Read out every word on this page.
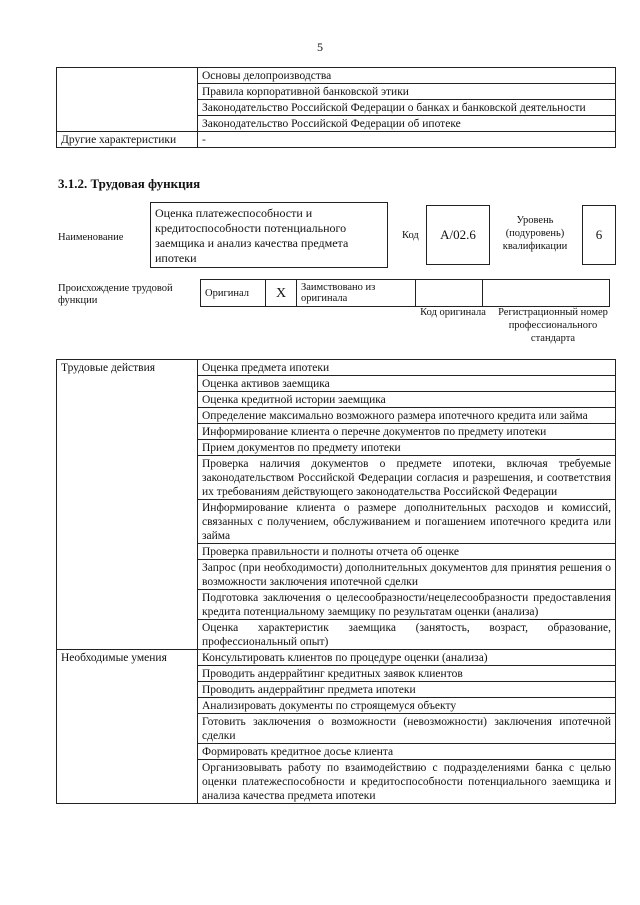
5
	Основы делопроизводства
	Правила корпоративной банковской этики
	Законодательство Российской Федерации о банках и банковской деятельности
	Законодательство Российской Федерации об ипотеке
Другие характеристики	-
3.1.2. Трудовая функция
Наименование
Оценка платежеспособности и кредитоспособности потенциального заемщика и анализ качества предмета ипотеки
Код	А/02.6
Уровень (подуровень) квалификации
6
Происхождение трудовой функции
Оригинал	Х	Заимствовано из оригинала		
Код оригинала	Регистрационный номер профессионального стандарта
Трудовые действия	Оценка предмета ипотеки
	Оценка активов заемщика
	Оценка кредитной истории заемщика
	Определение максимально возможного размера ипотечного кредита или займа
	Информирование клиента о перечне документов по предмету ипотеки
	Прием документов по предмету ипотеки
	Проверка наличия документов о предмете ипотеки, включая требуемые законодательством Российской Федерации согласия и разрешения, и соответствия их требованиям действующего законодательства Российской Федерации
	Информирование клиента о размере дополнительных расходов и комиссий, связанных с получением, обслуживанием и погашением ипотечного кредита или займа
	Проверка правильности и полноты отчета об оценке
	Запрос (при необходимости) дополнительных документов для принятия решения о возможности заключения ипотечной сделки
	Подготовка заключения о целесообразности/нецелесообразности предоставления кредита потенциальному заемщику по результатам оценки (анализа)
	Оценка характеристик заемщика (занятость, возраст, образование, профессиональный опыт)
Необходимые умения	Консультировать клиентов по процедуре оценки (анализа)
	Проводить андеррайтинг кредитных заявок клиентов
	Проводить андеррайтинг предмета ипотеки
	Анализировать документы по строящемуся объекту
	Готовить заключения о возможности (невозможности) заключения ипотечной сделки
	Формировать кредитное досье клиента
	Организовывать работу по взаимодействию с подразделениями банка с целью оценки платежеспособности и кредитоспособности потенциального заемщика и анализа качества предмета ипотеки
